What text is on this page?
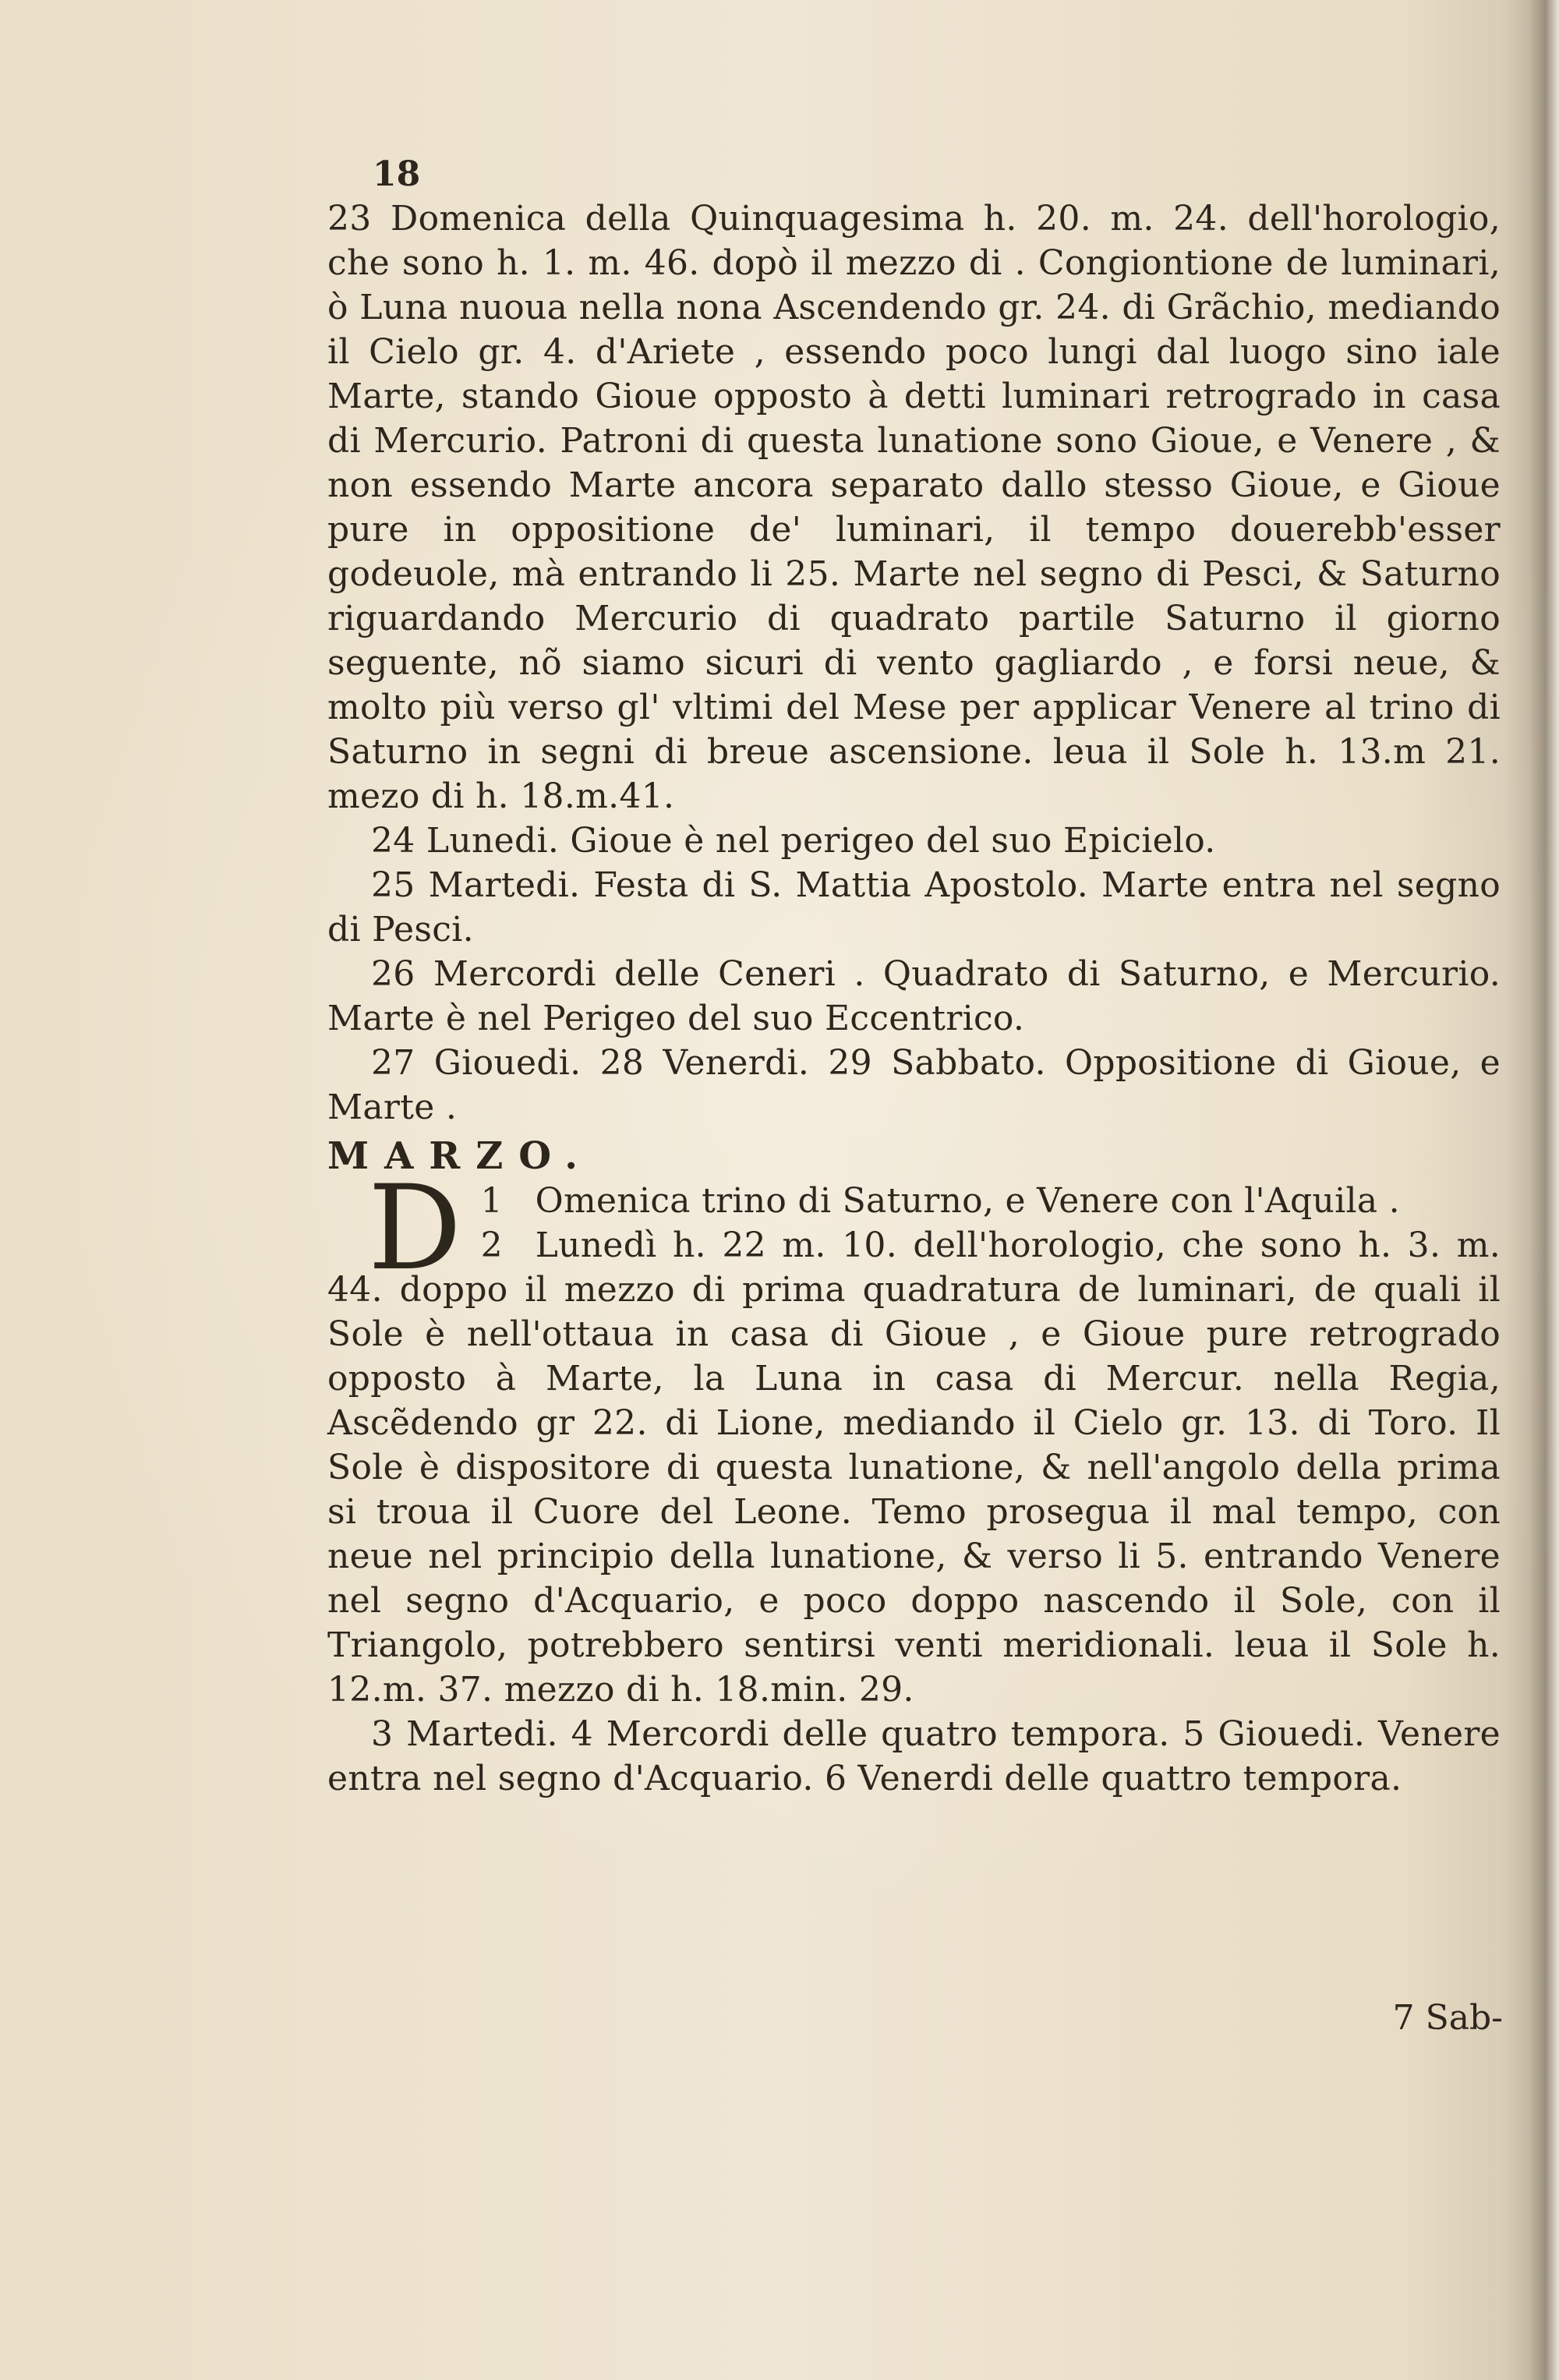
18

23 Domenica della Quinquagesima h. 20. m. 24. dell'horologio, che sono h. 1. m. 46. dopò il mezzo di . Congiontione de luminari, ò Luna nuoua nella nona Ascendendo gr. 24. di Grãchio, mediando il Cielo gr. 4. d'Ariete , essendo poco lungi dal luogo sino iale Marte, stando Gioue opposto à detti luminari retrogrado in casa di Mercurio. Patroni di questa lunatione sono Gioue, e Venere , & non essendo Marte ancora separato dallo stesso Gioue, e Gioue pure in oppositione de' luminari, il tempo douerebb'esser godeuole, mà entrando li 25. Marte nel segno di Pesci, & Saturno riguardando Mercurio di quadrato partile Saturno il giorno seguente, nõ siamo sicuri di vento gagliardo , e forsi neue, & molto più verso gl' vltimi del Mese per applicar Venere al trino di Saturno in segni di breue ascensione. leua il Sole h. 13.m 21. mezo di h. 18.m.41.

24 Lunedi. Gioue è nel perigeo del suo Epicielo.

25 Martedi. Festa di S. Mattia Apostolo. Marte entra nel segno di Pesci.

26 Mercordi delle Ceneri . Quadrato di Saturno, e Mercurio. Marte è nel Perigeo del suo Eccentrico.

27 Giouedi. 28 Venerdi. 29 Sabbato. Oppositione di Gioue, e Marte .

MARZO.
D 1 Omenica trino di Saturno, e Venere con l'Aquila .
2 Lunedì h. 22 m. 10. dell'horologio, che sono h. 3. m. 44. doppo il mezzo di prima quadratura de luminari, de quali il Sole è nell'ottaua in casa di Gioue , e Gioue pure retrogrado opposto à Marte, la Luna in casa di Mercur. nella Regia, Ascẽdendo gr 22. di Lione, mediando il Cielo gr. 13. di Toro. Il Sole è dispositore di questa lunatione, & nell'angolo della prima si troua il Cuore del Leone. Temo prosegua il mal tempo, con neue nel principio della lunatione, & verso li 5. entrando Venere nel segno d'Acquario, e poco doppo nascendo il Sole, con il Triangolo, potrebbero sentirsi venti meridionali. leua il Sole h. 12.m. 37. mezzo di h. 18.min. 29.

3 Martedi. 4 Mercordi delle quatro tempora. 5 Giouedi. Venere entra nel segno d'Acquario. 6 Venerdi delle quattro tempora.

7 Sab-
